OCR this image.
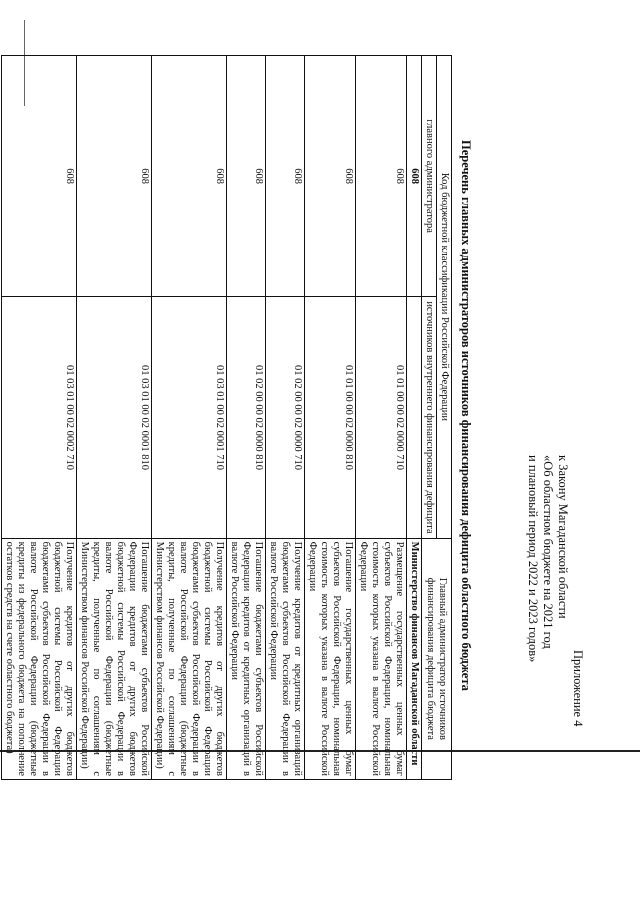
Приложение 4
к Закону Магаданской области
«Об областном бюджете на 2021 год
и плановый период 2022 и 2023 годов»
Перечень главных администраторов источников финансирования дефицита областного бюджета
Код бюджетной классификации Российской Федерации		Главный администратор источников финансирования дефицита бюджета
главного администратора	источников внутреннего финансирования дефицита	
608		Министерство финансов Магаданской области
608	01 01 00 00 02 0000 710	Размещение государственных ценных бумаг субъектов Российской Федерации, номинальная стоимость которых указана в валюте Российской Федерации
608	01 01 00 00 02 0000 810	Погашение государственных ценных бумаг субъектов Российской Федерации, номинальная стоимость которых указана в валюте Российской Федерации
608	01 02 00 00 02 0000 710	Получение кредитов от кредитных организаций бюджетами субъектов Российской Федерации в валюте Российской Федерации
608	01 02 00 00 02 0000 810	Погашение бюджетами субъектов Российской Федерации кредитов от кредитных организаций в валюте Российской Федерации
608	01 03 01 00 02 0001 710	Получение кредитов от других бюджетов бюджетной системы Российской Федерации бюджетами субъектов Российской Федерации в валюте Российской Федерации (бюджетные кредиты, полученные по соглашениям с Министерством финансов Российской Федерации)
608	01 03 01 00 02 0001 810	Погашение бюджетами субъектов Российской Федерации кредитов от других бюджетов бюджетной системы Российской Федерации в валюте Российской Федерации (бюджетные кредиты, полученные по соглашениям с Министерством финансов Российской Федерации)
608	01 03 01 00 02 0002 710	Получение кредитов от других бюджетов бюджетной системы Российской Федерации бюджетами субъектов Российской Федерации в валюте Российской Федерации (бюджетные кредиты из федерального бюджета на пополнение остатков средств на счете областного бюджета)
